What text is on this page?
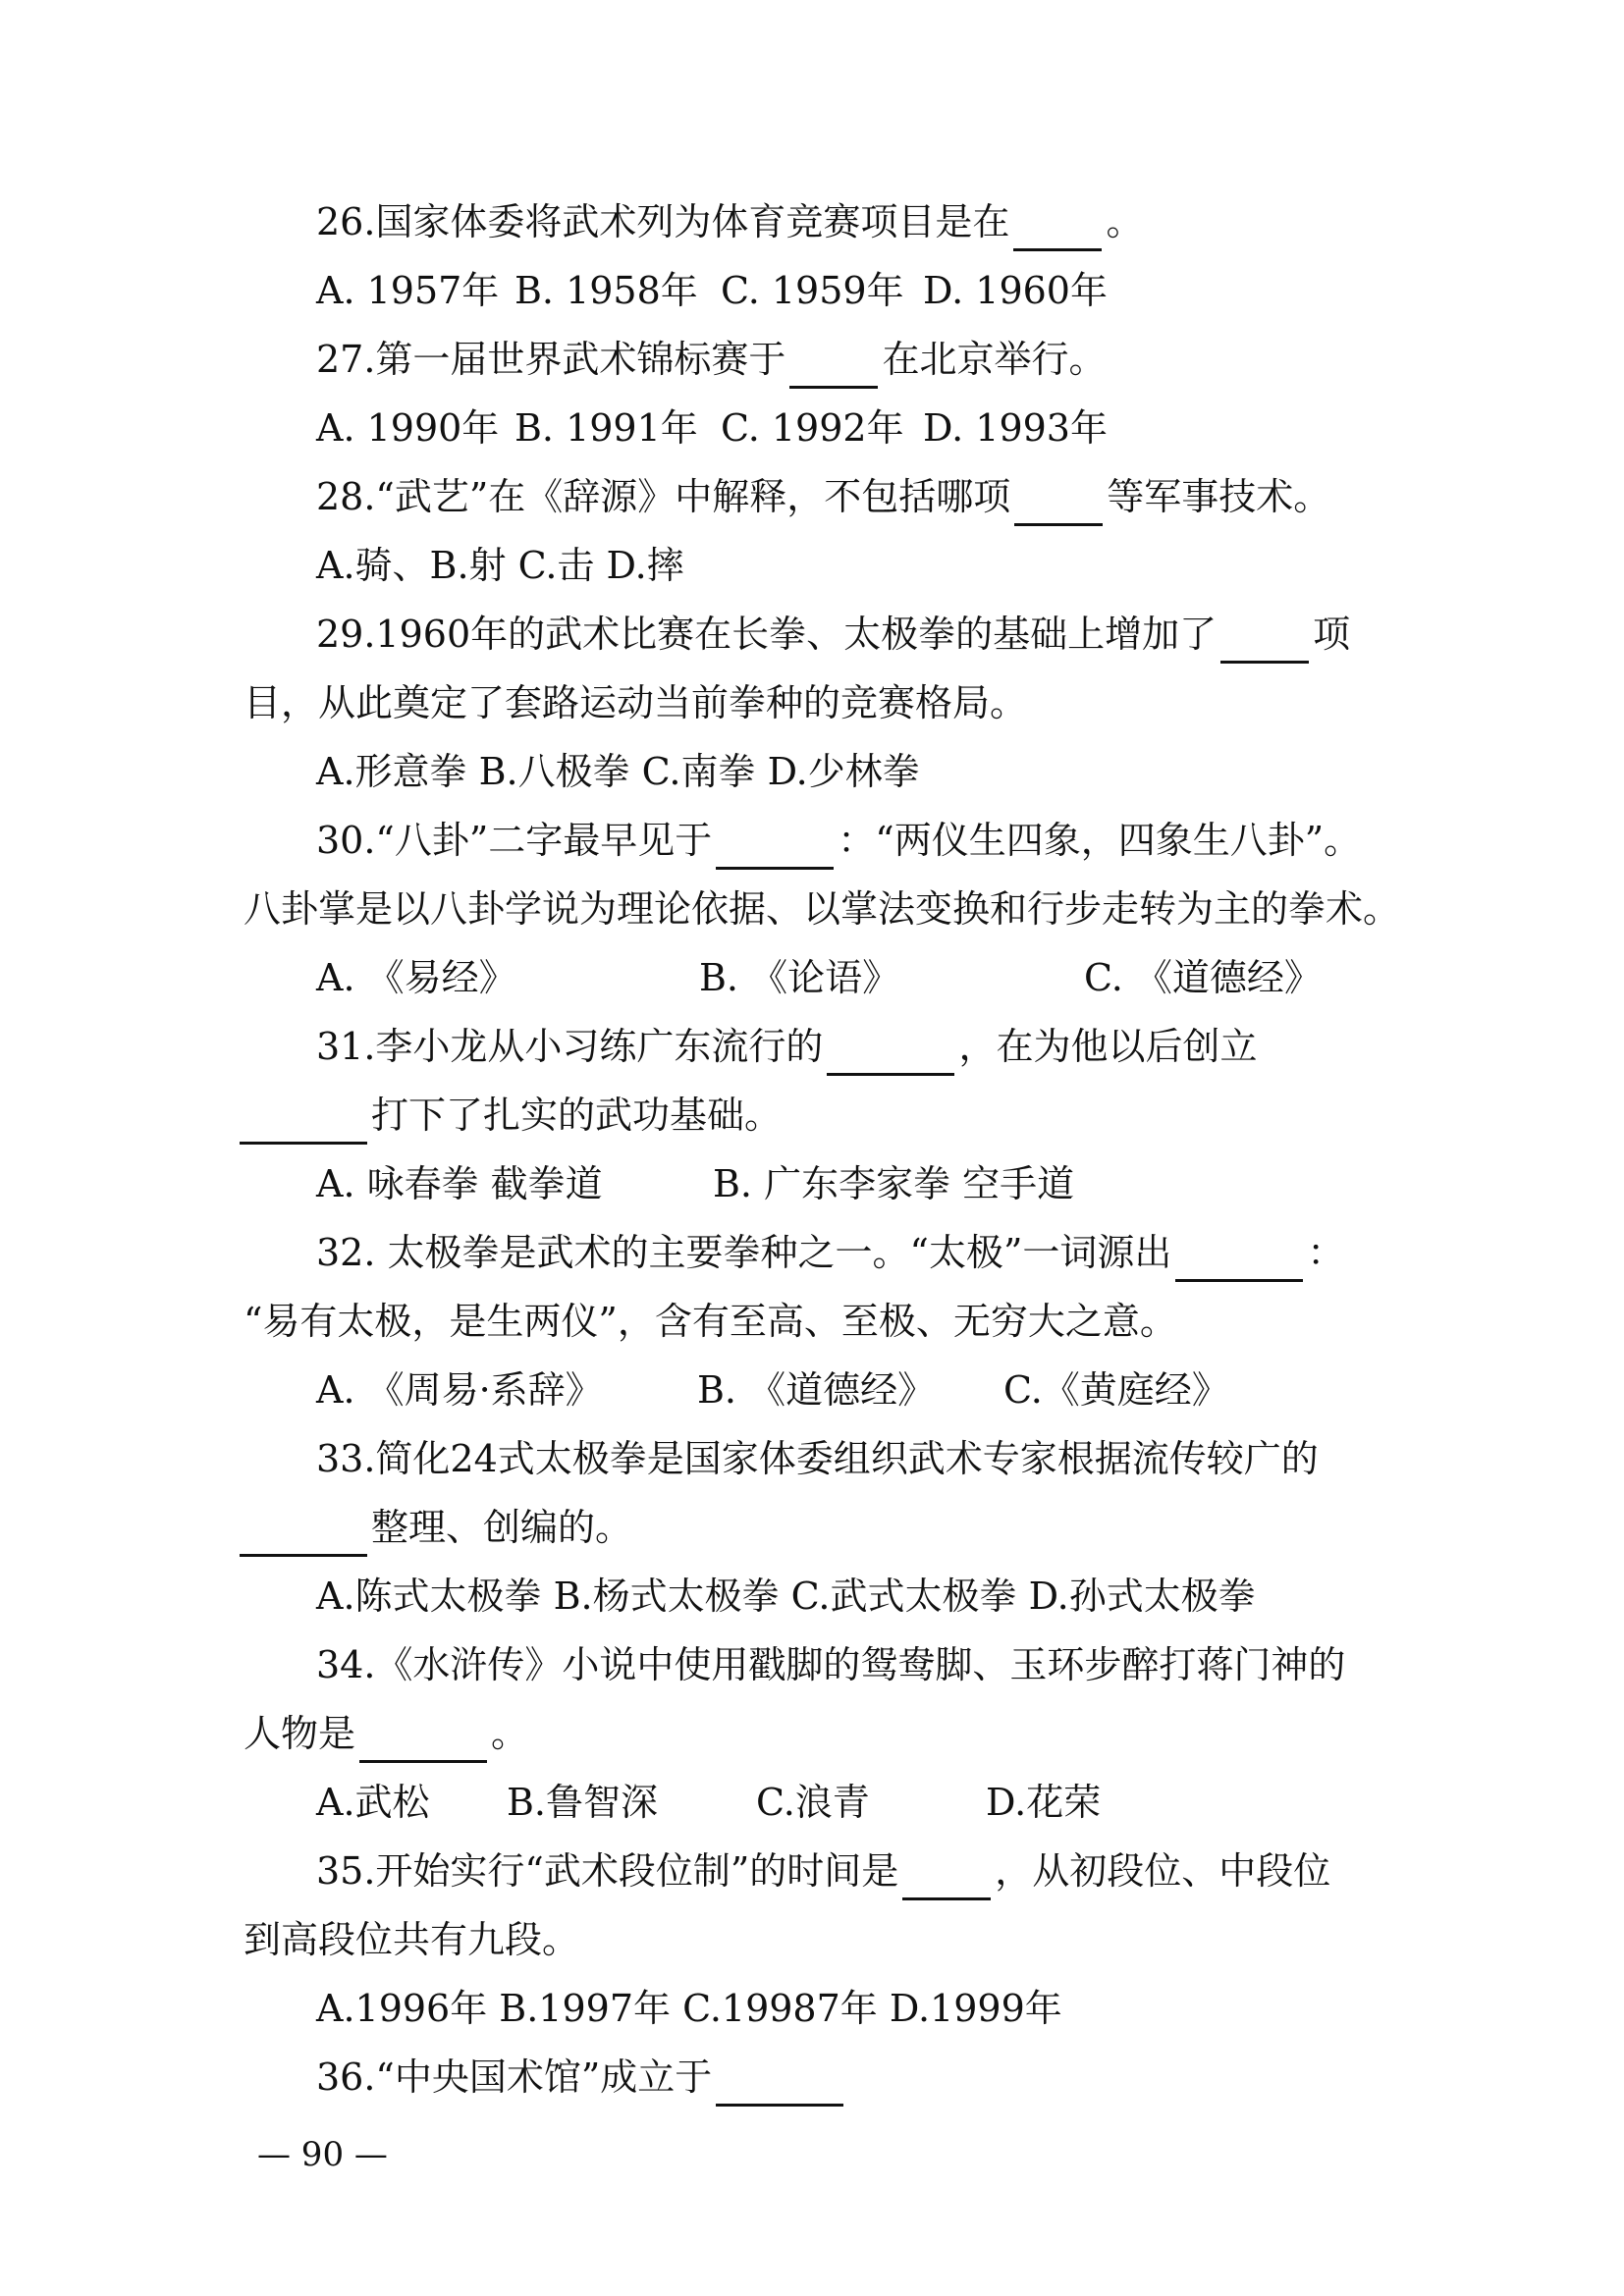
26.国家体委将武术列为体育竞赛项目是在	。
A. 1957年 B. 1958年 C. 1959年 D. 1960年
27.第一届世界武术锦标赛于	在北京举行。
A. 1990年 B. 1991年 C. 1992年 D. 1993年
28.“武艺”在《辞源》中解释，不包括哪项	等军事技术。
A.骑、B.射 C.击 D.摔
29.1960年的武术比赛在长拳、太极拳的基础上增加了	项
目，从此奠定了套路运动当前拳种的竞赛格局。
A.形意拳 B.八极拳 C.南拳 D.少林拳
30.“八卦”二字最早见于	：“两仪生四象，四象生八卦”。
八卦掌是以八卦学说为理论依据、以掌法变换和行步走转为主的拳术。
A. 《易经》	B. 《论语》	C. 《道德经》
31.李小龙从小习练广东流行的	，在为他以后创立
打下了扎实的武功基础。
A. 咏春拳 截拳道	B. 广东李家拳 空手道
32. 太极拳是武术的主要拳种之一。“太极”一词源出	：
“易有太极，是生两仪”，含有至高、至极、无穷大之意。
A. 《周易·系辞》	B. 《道德经》 C.《黄庭经》
33.简化24式太极拳是国家体委组织武术专家根据流传较广的
整理、创编的。
A.陈式太极拳 B.杨式太极拳 C.武式太极拳 D.孙式太极拳
34.《水浒传》小说中使用戳脚的鸳鸯脚、玉环步醉打蒋门神的
人物是	。
A.武松 B.鲁智深	C.浪青	D.花荣
35.开始实行“武术段位制”的时间是	，从初段位、中段位
到高段位共有九段。
A.1996年 B.1997年 C.19987年 D.1999年
36.“中央国术馆”成立于
— 90 —
